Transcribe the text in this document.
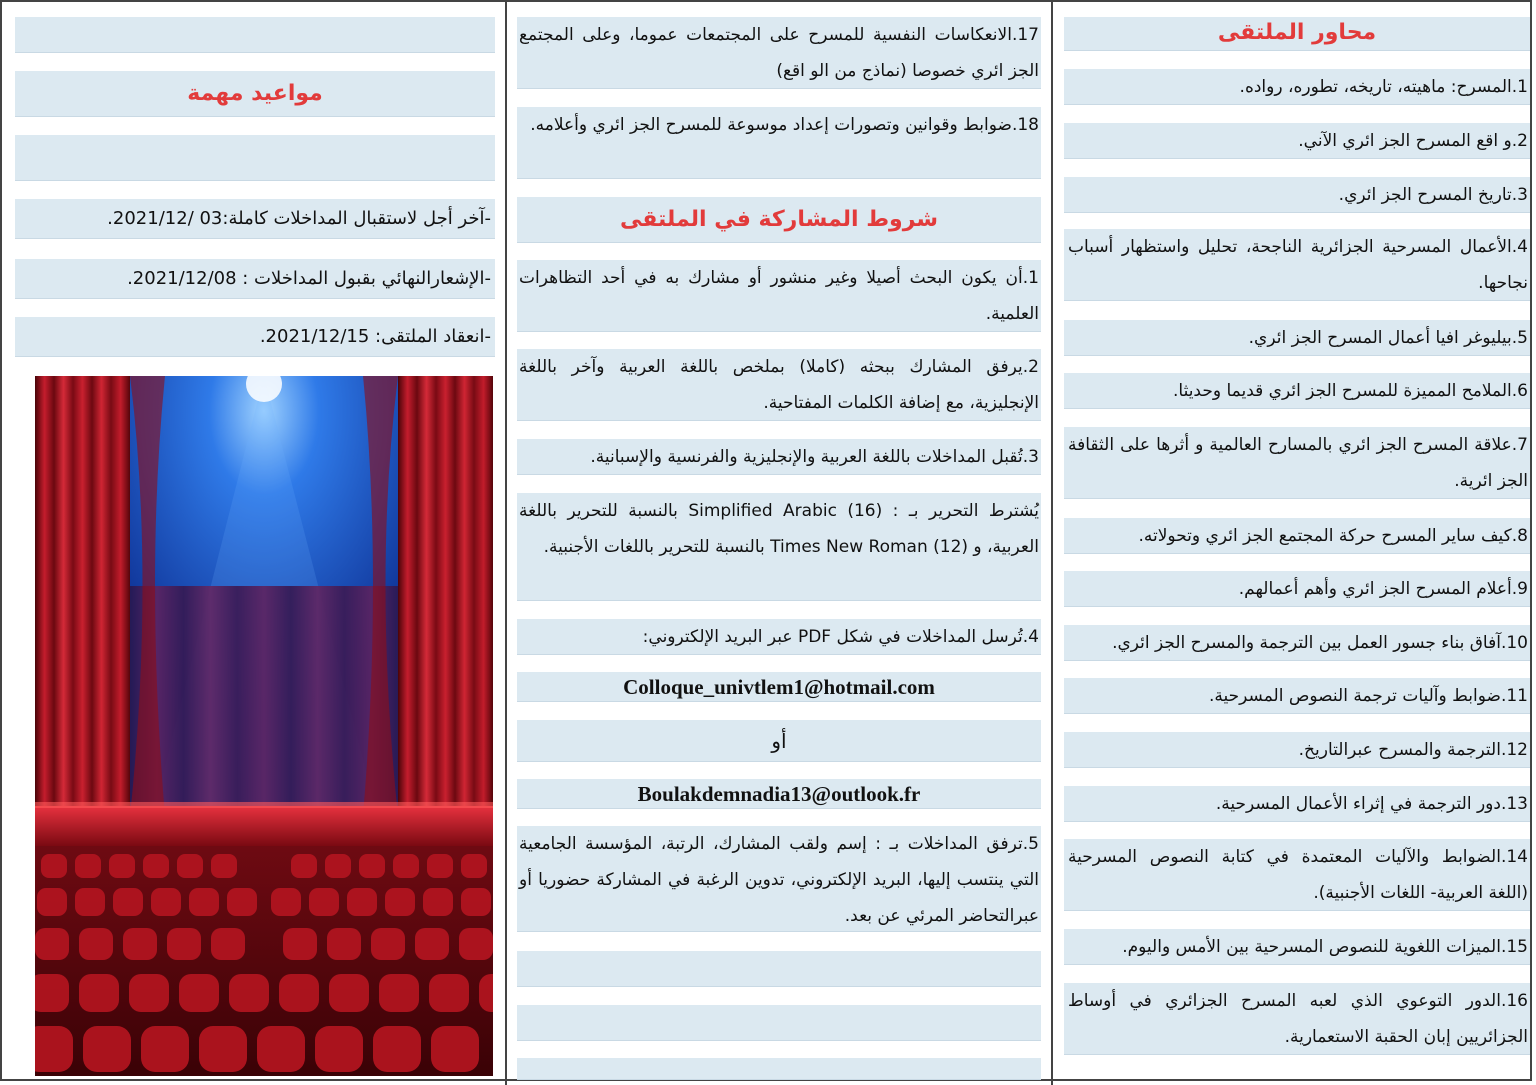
محاور الملتقى
1.المسرح: ماهيته، تاريخه، تطوره، رواده.
2.و اقع المسرح الجز ائري الآني.
3.تاريخ المسرح الجز ائري.
4.الأعمال المسرحية الجزائرية الناجحة، تحليل واستظهار أسباب نجاحها.
5.بيليوغر افيا أعمال المسرح الجز ائري.
6.الملامح المميزة للمسرح الجز ائري قديما وحديثا.
7.علاقة المسرح الجز ائري بالمسارح العالمية و أثرها على الثقافة الجز ائرية.
8.كيف ساير المسرح حركة المجتمع الجز ائري وتحولاته.
9.أعلام المسرح الجز ائري وأهم أعمالهم.
10.آفاق بناء جسور العمل بين الترجمة والمسرح الجز ائري.
11.ضوابط وآليات ترجمة النصوص المسرحية.
12.الترجمة والمسرح عبرالتاريخ.
13.دور الترجمة في إثراء الأعمال المسرحية.
14.الضوابط والآليات المعتمدة في كتابة النصوص المسرحية (اللغة العربية- اللغات الأجنبية).
15.الميزات اللغوية للنصوص المسرحية بين الأمس واليوم.
16.الدور التوعوي الذي لعبه المسرح الجزائري في أوساط الجزائريين إبان الحقبة الاستعمارية.
17.الانعكاسات النفسية للمسرح على المجتمعات عموما، وعلى المجتمع الجز ائري خصوصا (نماذج من الو اقع)
18.ضوابط وقوانين وتصورات إعداد موسوعة للمسرح الجز ائري وأعلامه.
شروط المشاركة في الملتقى
1.أن يكون البحث أصيلا وغير منشور أو مشارك به في أحد التظاهرات العلمية.
2.يرفق المشارك ببحثه (كاملا) بملخص باللغة العربية وآخر باللغة الإنجليزية، مع إضافة الكلمات المفتاحية.
3.تُقبل المداخلات باللغة العربية والإنجليزية والفرنسية والإسبانية.
يُشترط التحرير بـ : Simplified Arabic (16) بالنسبة للتحرير باللغة العربية، و Times New Roman (12) بالنسبة للتحرير باللغات الأجنبية.
4.تُرسل المداخلات في شكل PDF عبر البريد الإلكتروني:
Colloque_univtlem1@hotmail.com
أو
Boulakdemnadia13@outlook.fr
5.ترفق المداخلات بـ : إسم ولقب المشارك، الرتبة، المؤسسة الجامعية التي ينتسب إليها، البريد الإلكتروني، تدوين الرغبة في المشاركة حضوريا أو عبرالتحاضر المرئي عن بعد.
مواعيد مهمة
-آخر أجل لاستقبال المداخلات كاملة:03 /2021/12.
-الإشعارالنهائي بقبول المداخلات : 2021/12/08.
-انعقاد الملتقى: 2021/12/15.
